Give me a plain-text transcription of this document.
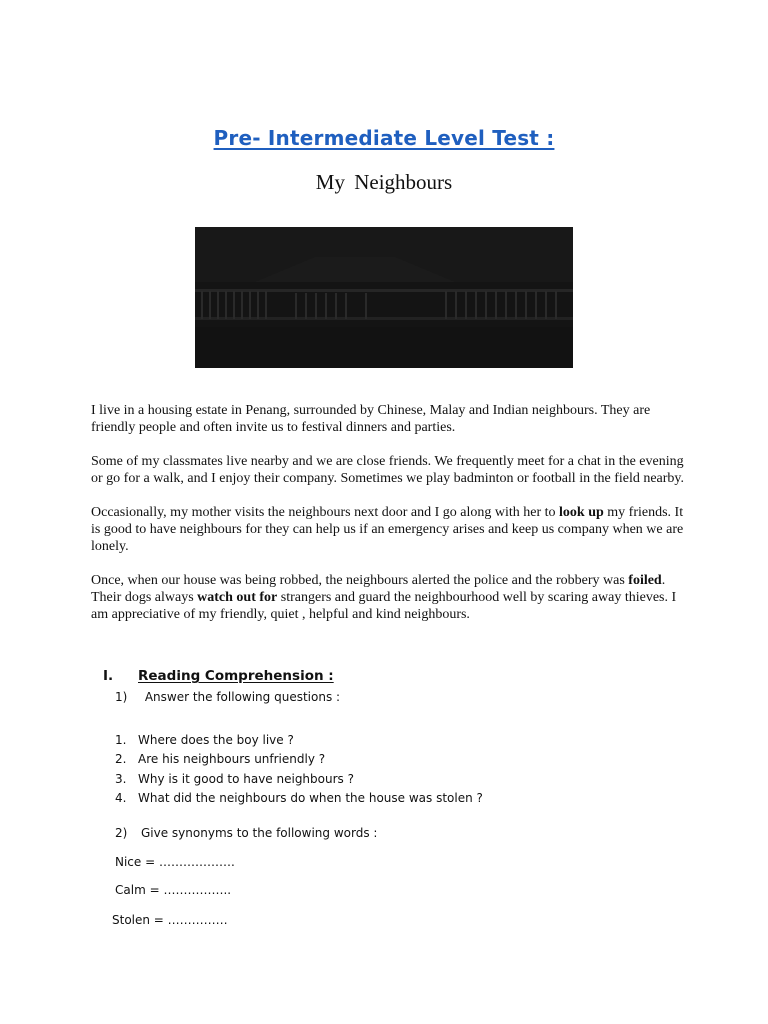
Pre- Intermediate Level Test :
My Neighbours

I live in a housing estate in Penang, surrounded by Chinese, Malay and Indian neighbours. They are friendly people and often invite us to festival dinners and parties.

Some of my classmates live nearby and we are close friends. We frequently meet for a chat in the evening or go for a walk, and I enjoy their company. Sometimes we play badminton or football in the field nearby.

Occasionally, my mother visits the neighbours next door and I go along with her to look up my friends. It is good to have neighbours for they can help us if an emergency arises and keep us company when we are lonely.

Once, when our house was being robbed, the neighbours alerted the police and the robbery was foiled. Their dogs always watch out for strangers and guard the neighbourhood well by scaring away thieves. I am appreciative of my friendly, quiet , helpful and kind neighbours.

I. Reading Comprehension :
1) Answer the following questions :
1. Where does the boy live ?
2. Are his neighbours unfriendly ?
3. Why is it good to have neighbours ?
4. What did the neighbours do when the house was stolen ?
2) Give synonyms to the following words :
Nice = ……………….
Calm = ……………..
Stolen = ……………
